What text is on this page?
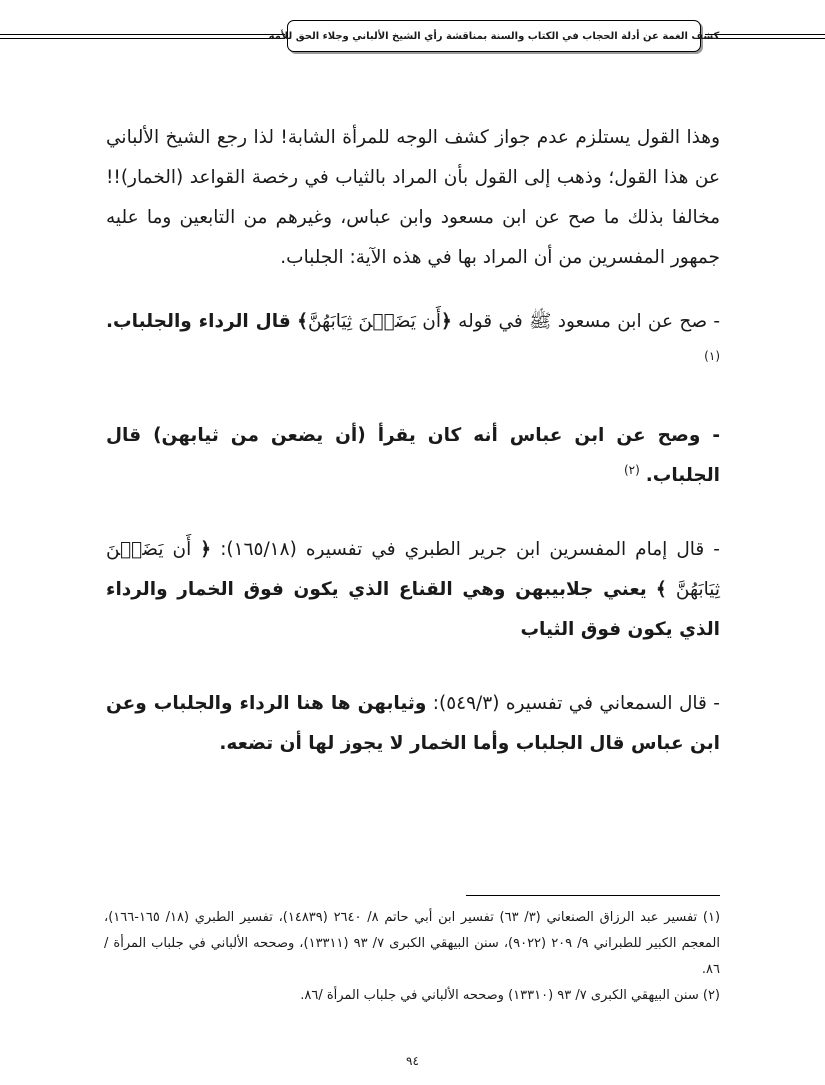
كشف الغمة عن أدلة الحجاب في الكتاب والسنة بمناقشة رأي الشيخ الألباني وجلاء الحق للأمة

وهذا القول يستلزم عدم جواز كشف الوجه للمرأة الشابة! لذا رجع الشيخ الألباني عن هذا القول؛ وذهب إلى القول بأن المراد بالثياب في رخصة القواعد (الخمار)!! مخالفا بذلك ما صح عن ابن مسعود وابن عباس، وغيرهم من التابعين وما عليه جمهور المفسرين من أن المراد بها في هذه الآية: الجلباب.

- صح عن ابن مسعود ﷺ في قوله ﴿أَن يَضَعۡنَ ثِيَابَهُنَّ﴾ قال الرداء والجلباب. $^{(١)}$

- وصح عن ابن عباس أنه كان يقرأ (أن يضعن من ثيابهن) قال الجلباب. $^{(٢)}$

- قال إمام المفسرين ابن جرير الطبري في تفسيره (١٦٥/١٨): ﴿ أَن يَضَعۡنَ ثِيَابَهُنَّ ﴾ يعني جلابيبهن وهي القناع الذي يكون فوق الخمار والرداء الذي يكون فوق الثياب

- قال السمعاني في تفسيره (٥٤٩/٣): وثيابهن ها هنا الرداء والجلباب وعن ابن عباس قال الجلباب وأما الخمار لا يجوز لها أن تضعه.

(١) تفسير عبد الرزاق الصنعاني (٣/ ٦٣) تفسير ابن أبي حاتم ٨/ ٢٦٤٠ (١٤٨٣٩)، تفسير الطبري (١٨/ ١٦٥-١٦٦)، المعجم الكبير للطبراني ٩/ ٢٠٩ (٩٠٢٢)، سنن البيهقي الكبرى ٧/ ٩٣ (١٣٣١١)، وصححه الألباني في جلباب المرأة /٨٦.

(٢) سنن البيهقي الكبرى ٧/ ٩٣ (١٣٣١٠) وصححه الألباني في جلباب المرأة /٨٦.

٩٤
